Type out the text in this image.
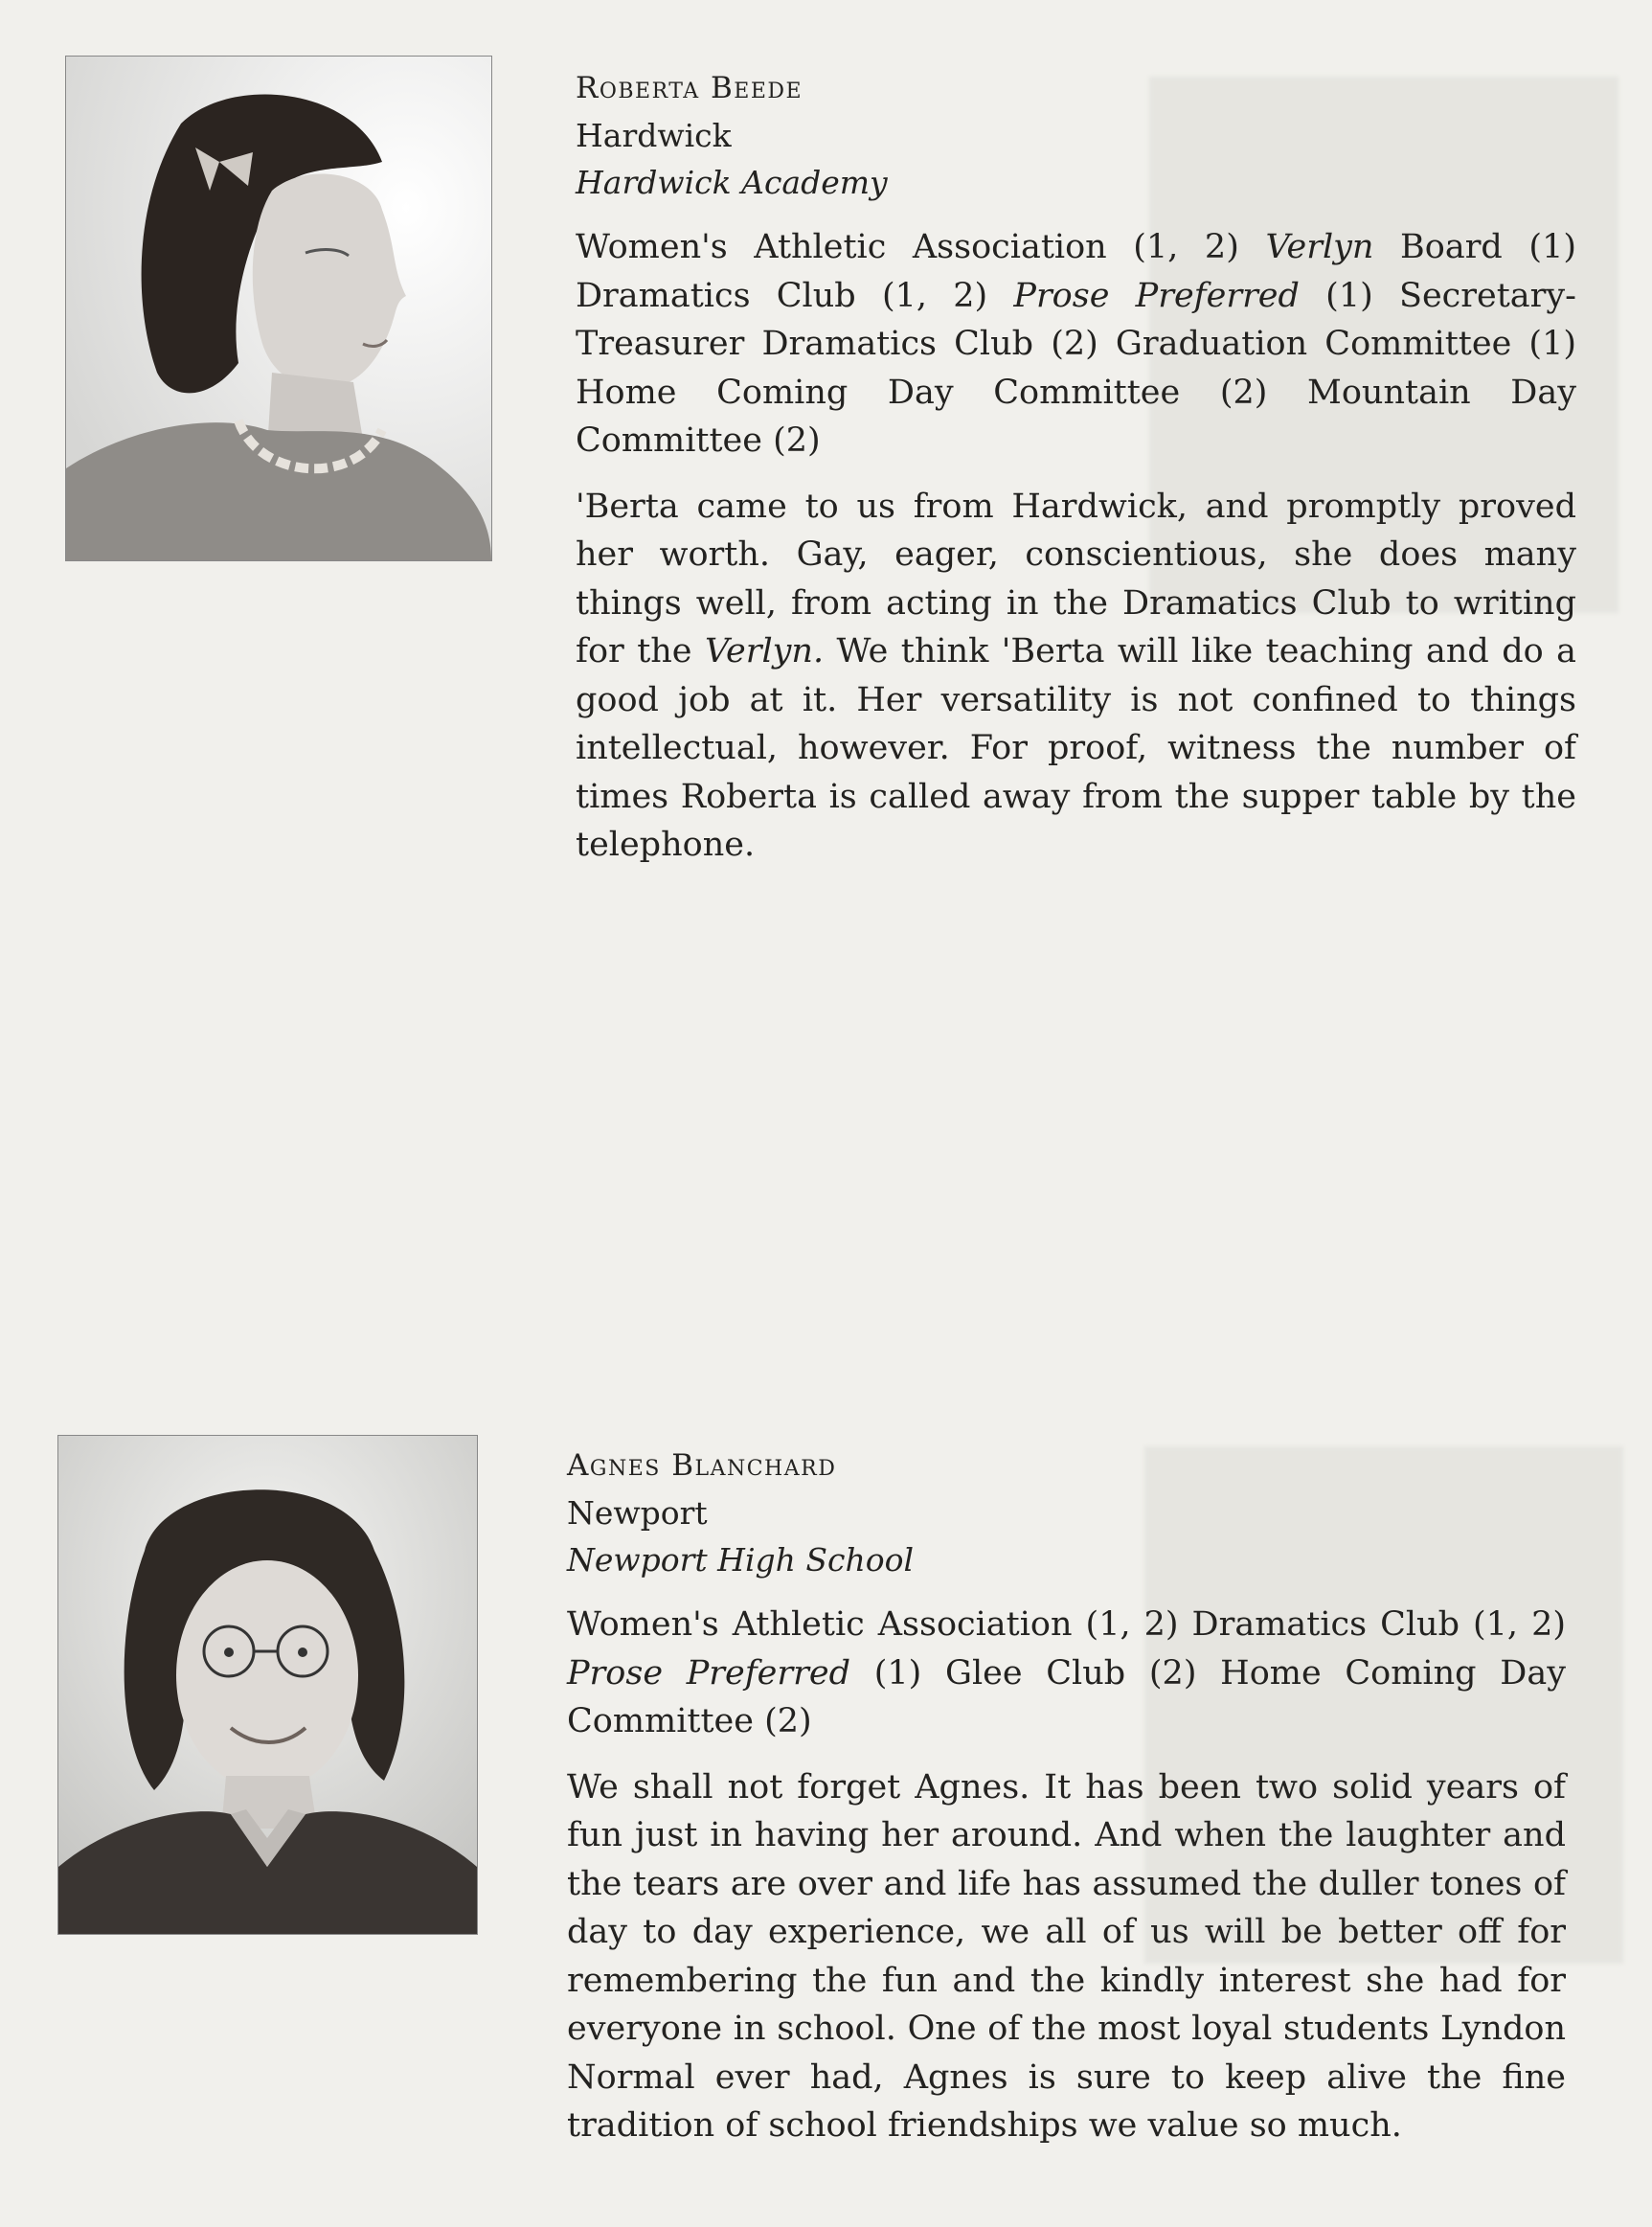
Roberta Beede
Hardwick
Hardwick Academy

Women's Athletic Association (1, 2) Verlyn Board (1) Dramatics Club (1, 2) Prose Preferred (1) Secretary-Treasurer Dramatics Club (2) Graduation Committee (1) Home Coming Day Committee (2) Mountain Day Committee (2)

'Berta came to us from Hardwick, and promptly proved her worth. Gay, eager, conscientious, she does many things well, from acting in the Dramatics Club to writing for the Verlyn. We think 'Berta will like teaching and do a good job at it. Her versatility is not confined to things intellectual, however. For proof, witness the number of times Roberta is called away from the supper table by the telephone.

Agnes Blanchard
Newport
Newport High School

Women's Athletic Association (1, 2) Dramatics Club (1, 2) Prose Preferred (1) Glee Club (2) Home Coming Day Committee (2)

We shall not forget Agnes. It has been two solid years of fun just in having her around. And when the laughter and the tears are over and life has assumed the duller tones of day to day experience, we all of us will be better off for remembering the fun and the kindly interest she had for everyone in school. One of the most loyal students Lyndon Normal ever had, Agnes is sure to keep alive the fine tradition of school friendships we value so much.
